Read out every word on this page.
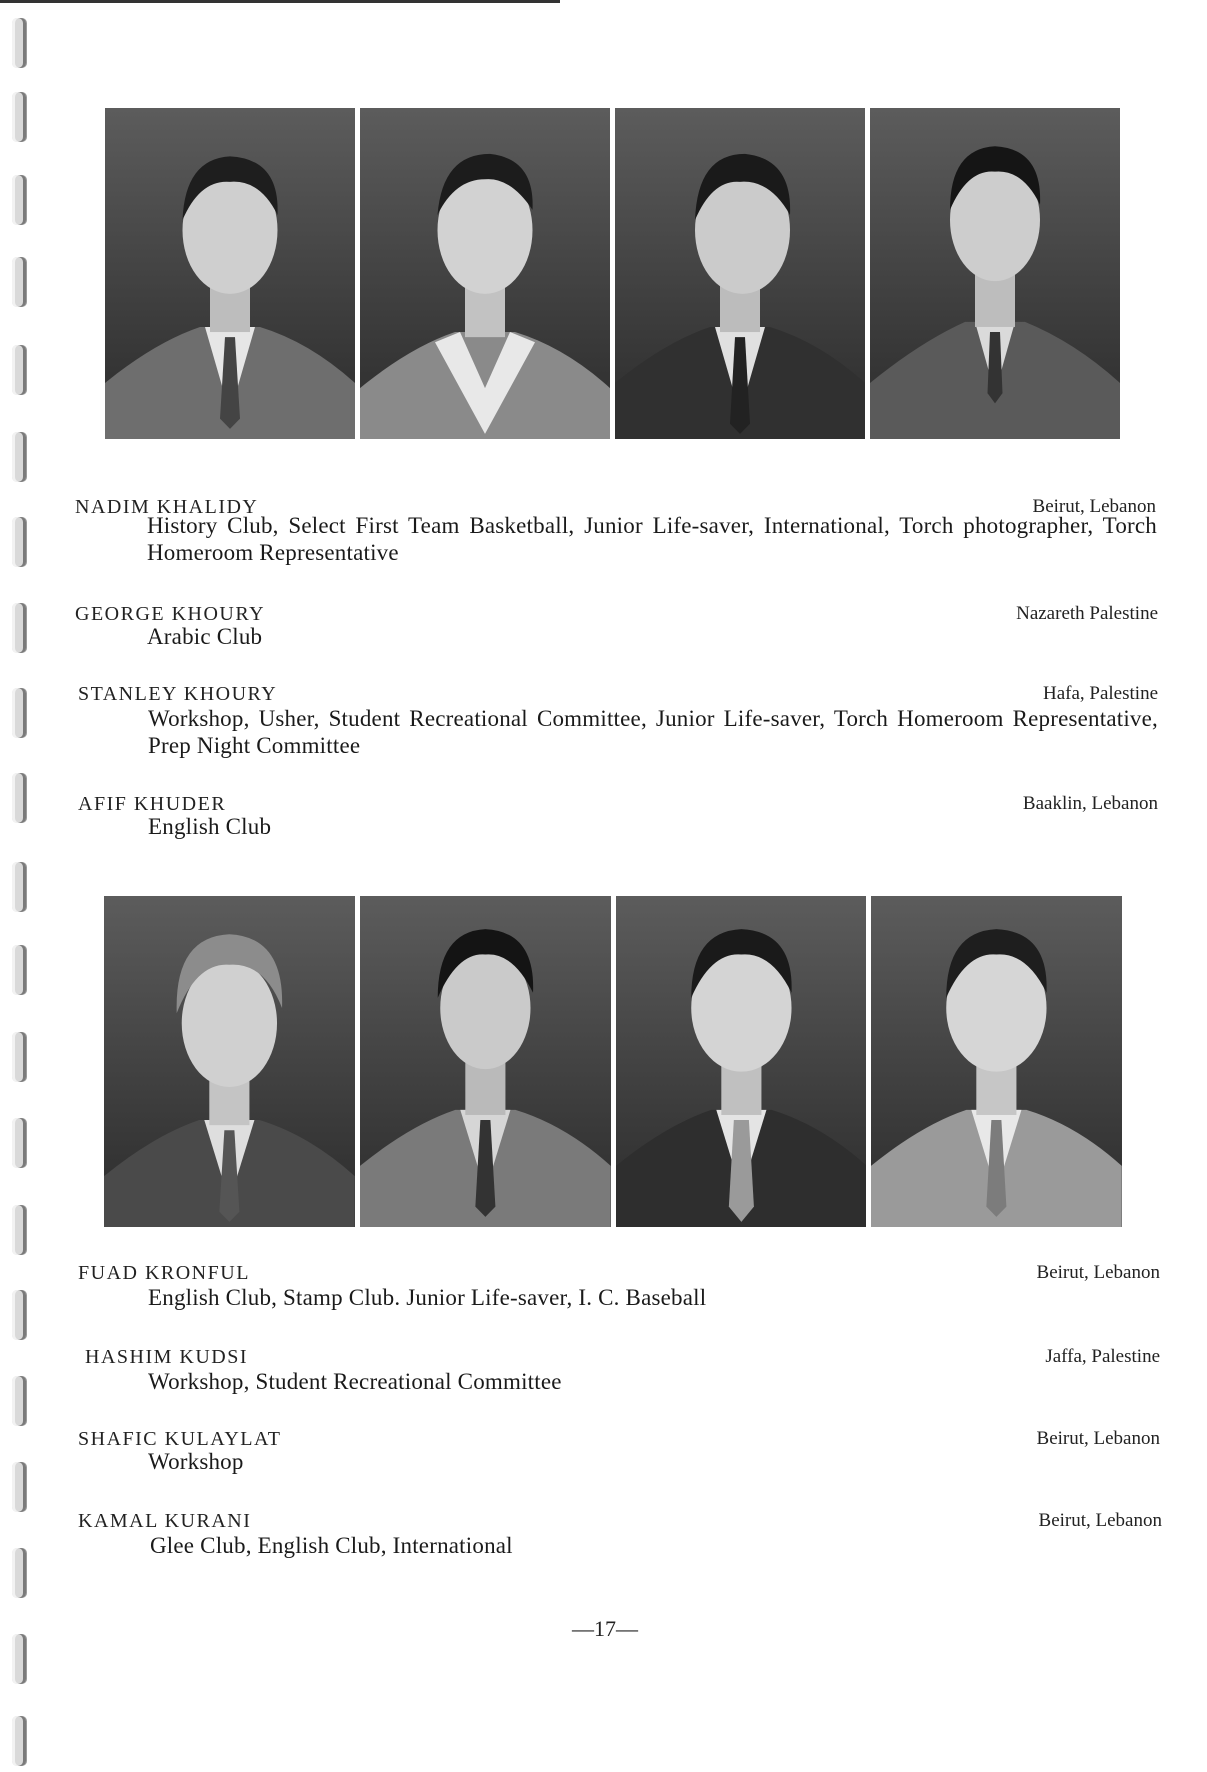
NADIM KHALIDY	Beirut, Lebanon
History Club, Select First Team Basketball, Junior Life-saver, International, Torch photographer, Torch Homeroom Representative
GEORGE KHOURY	Nazareth Palestine
Arabic Club
STANLEY KHOURY	Hafa, Palestine
Workshop, Usher, Student Recreational Committee, Junior Life-saver, Torch Homeroom Representative, Prep Night Committee
AFIF KHUDER	Baaklin, Lebanon
English Club
FUAD KRONFUL	Beirut, Lebanon
English Club, Stamp Club. Junior Life-saver, I. C. Baseball
HASHIM KUDSI	Jaffa, Palestine
Workshop, Student Recreational Committee
SHAFIC KULAYLAT	Beirut, Lebanon
Workshop
KAMAL KURANI	Beirut, Lebanon
Glee Club, English Club, International
—17—
